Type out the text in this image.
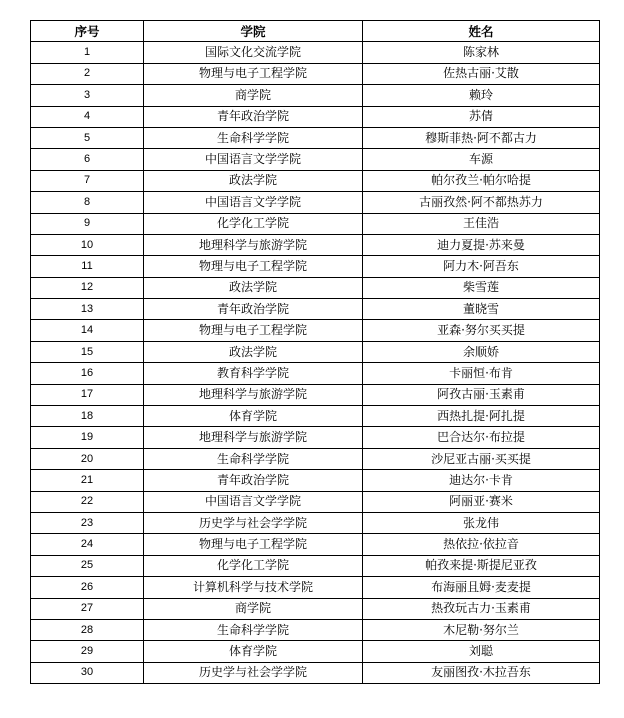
序号	学院	姓名
1	国际文化交流学院	陈家林
2	物理与电子工程学院	佐热古丽·艾散
3	商学院	赖玲
4	青年政治学院	苏倩
5	生命科学学院	穆斯菲热·阿不都古力
6	中国语言文学学院	车源
7	政法学院	帕尔孜兰·帕尔哈提
8	中国语言文学学院	古丽孜然·阿不都热苏力
9	化学化工学院	王佳浩
10	地理科学与旅游学院	迪力夏提·苏来曼
11	物理与电子工程学院	阿力木·阿吾东
12	政法学院	柴雪莲
13	青年政治学院	董晓雪
14	物理与电子工程学院	亚森·努尔买买提
15	政法学院	余顺娇
16	教育科学学院	卡丽恒·布肯
17	地理科学与旅游学院	阿孜古丽·玉素甫
18	体育学院	西热扎提·阿扎提
19	地理科学与旅游学院	巴合达尔·布拉提
20	生命科学学院	沙尼亚古丽·买买提
21	青年政治学院	迪达尔·卡肯
22	中国语言文学学院	阿丽亚·赛米
23	历史学与社会学学院	张龙伟
24	物理与电子工程学院	热依拉·依拉音
25	化学化工学院	帕孜来提·斯提尼亚孜
26	计算机科学与技术学院	布海丽且姆·麦麦提
27	商学院	热孜玩古力·玉素甫
28	生命科学学院	木尼勒·努尔兰
29	体育学院	刘聪
30	历史学与社会学学院	友丽图孜·木拉吾东
